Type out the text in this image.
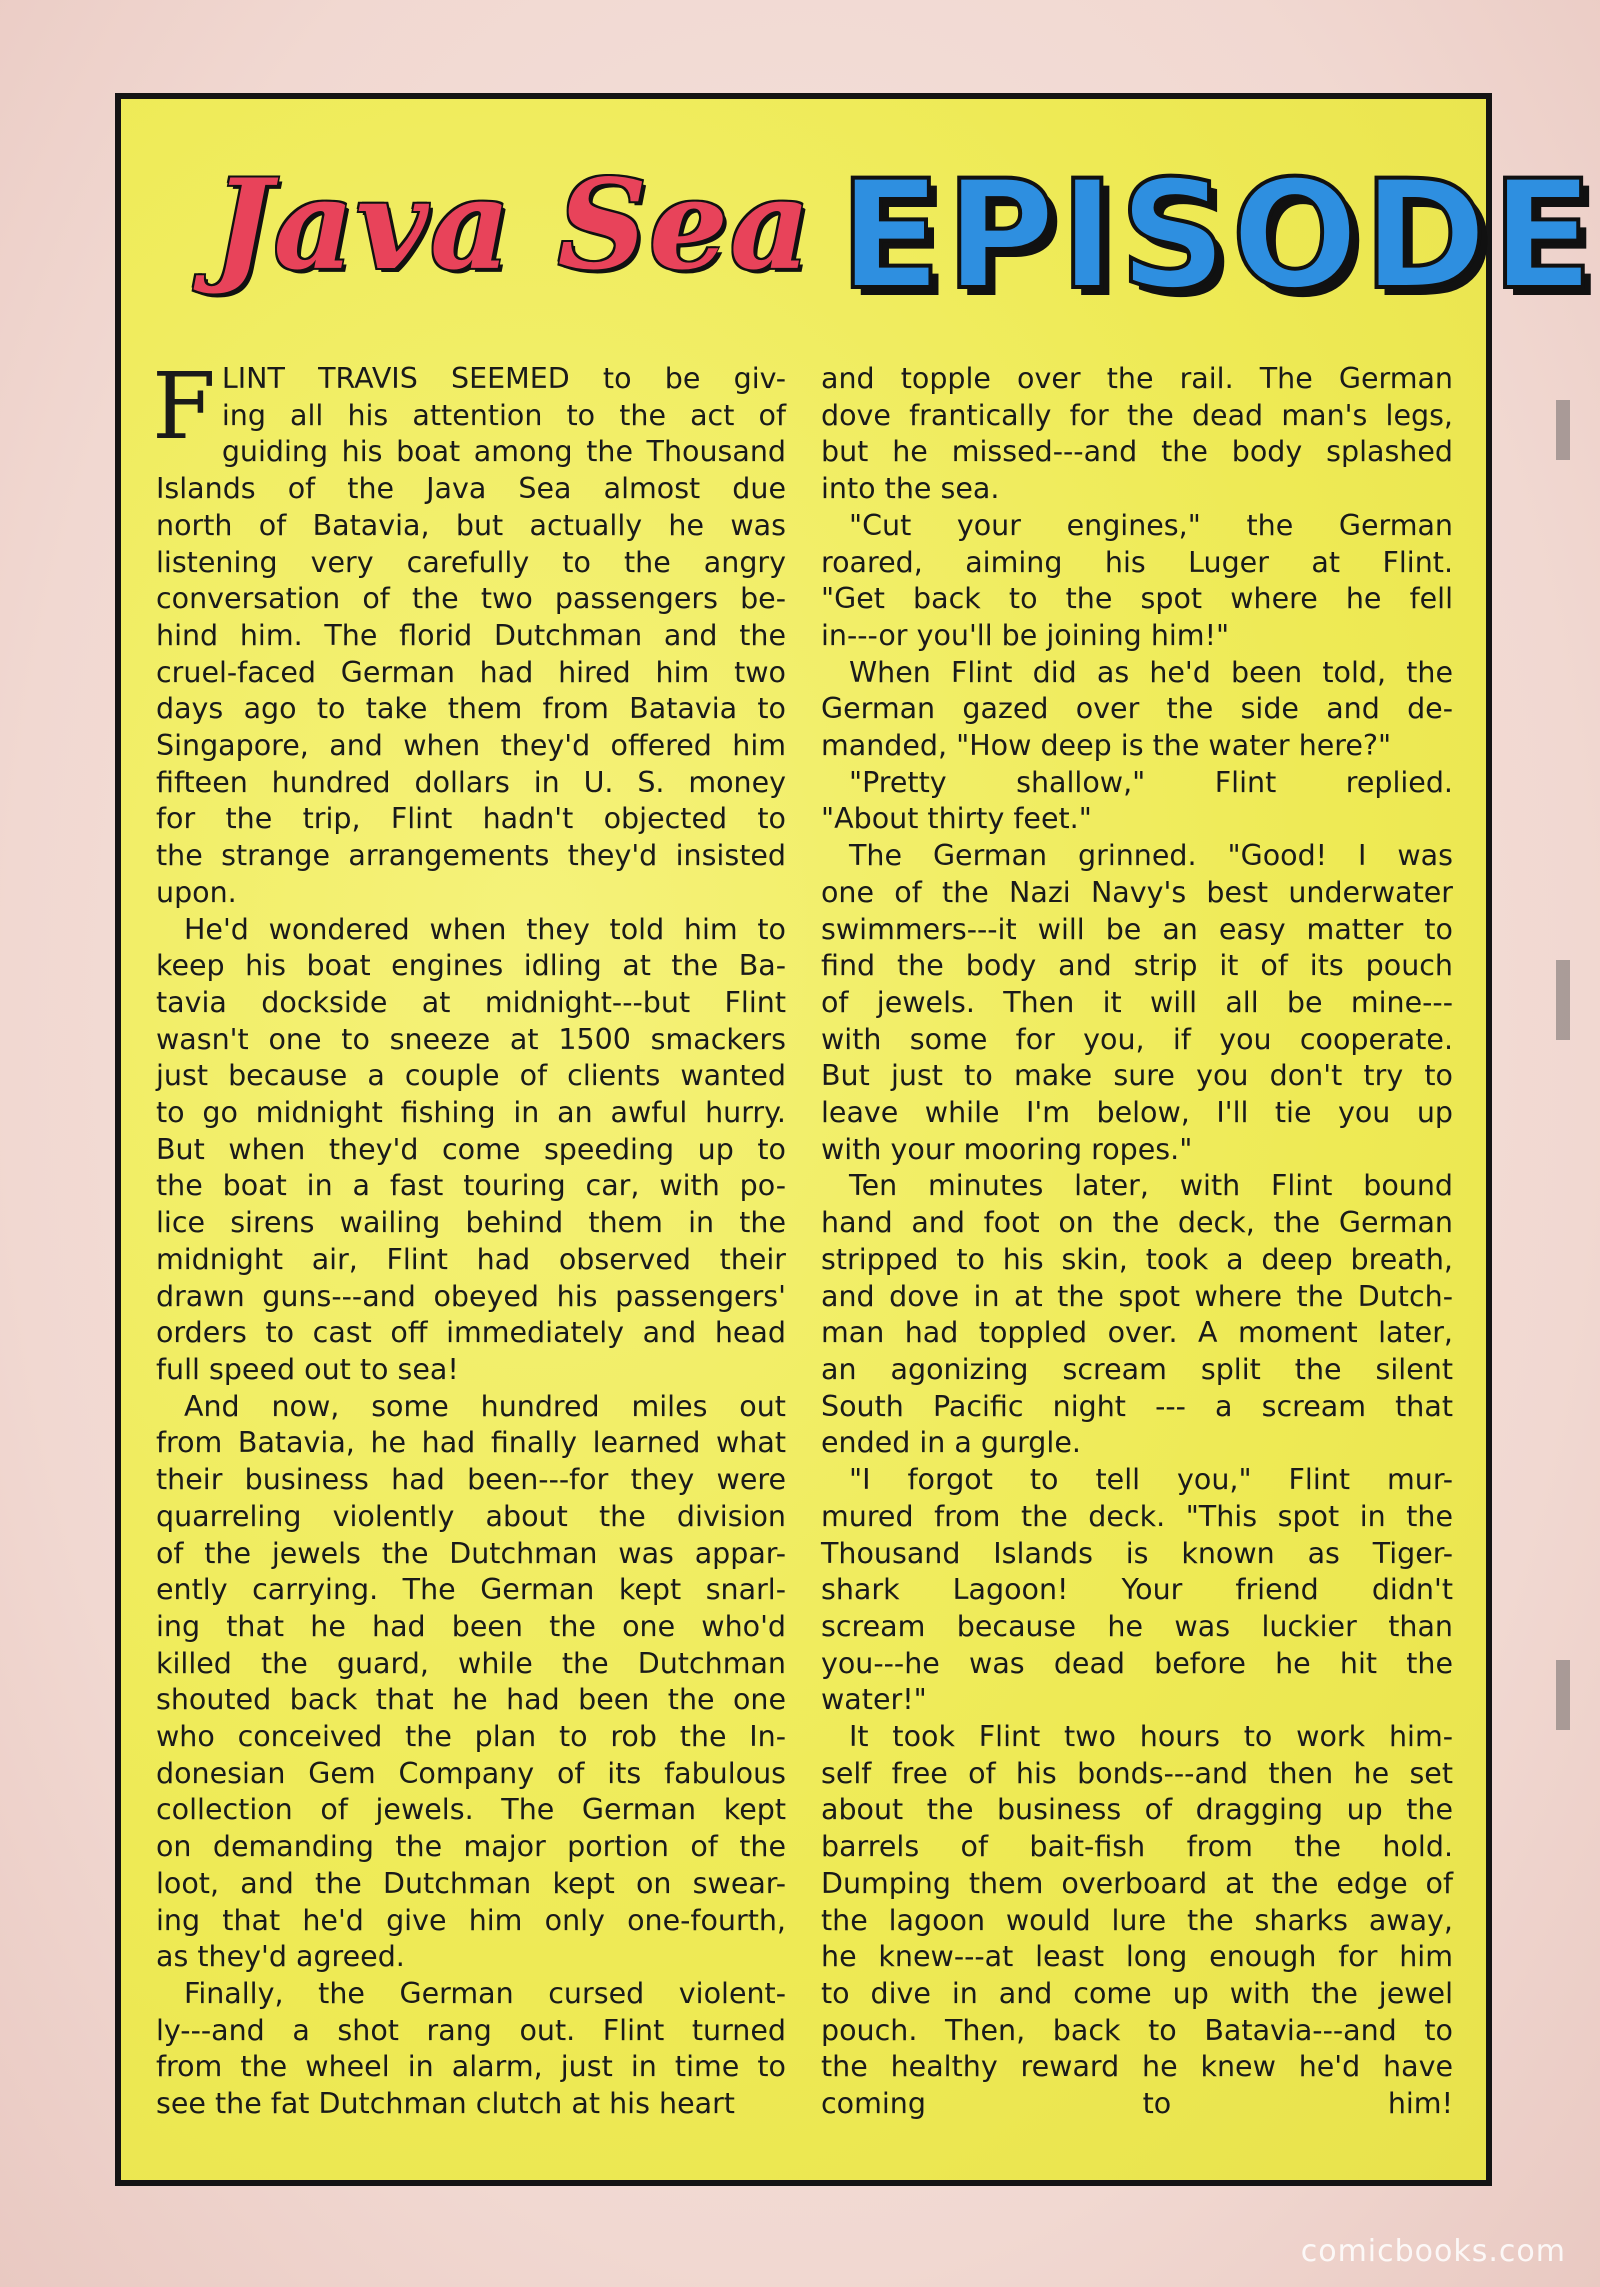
Java Sea EPISODE
F LINT TRAVIS SEEMED to be giv-
ing all his attention to the act of
guiding his boat among the Thousand
Islands of the Java Sea almost due
north of Batavia, but actually he was
listening very carefully to the angry
conversation of the two passengers be-
hind him. The florid Dutchman and the
cruel-faced German had hired him two
days ago to take them from Batavia to
Singapore, and when they'd offered him
fifteen hundred dollars in U. S. money
for the trip, Flint hadn't objected to
the strange arrangements they'd insisted
upon.
He'd wondered when they told him to
keep his boat engines idling at the Ba-
tavia dockside at midnight---but Flint
wasn't one to sneeze at 1500 smackers
just because a couple of clients wanted
to go midnight fishing in an awful hurry.
But when they'd come speeding up to
the boat in a fast touring car, with po-
lice sirens wailing behind them in the
midnight air, Flint had observed their
drawn guns---and obeyed his passengers'
orders to cast off immediately and head
full speed out to sea!
And now, some hundred miles out
from Batavia, he had finally learned what
their business had been---for they were
quarreling violently about the division
of the jewels the Dutchman was appar-
ently carrying. The German kept snarl-
ing that he had been the one who'd
killed the guard, while the Dutchman
shouted back that he had been the one
who conceived the plan to rob the In-
donesian Gem Company of its fabulous
collection of jewels. The German kept
on demanding the major portion of the
loot, and the Dutchman kept on swear-
ing that he'd give him only one-fourth,
as they'd agreed.
Finally, the German cursed violent-
ly---and a shot rang out. Flint turned
from the wheel in alarm, just in time to
see the fat Dutchman clutch at his heart
and topple over the rail. The German
dove frantically for the dead man's legs,
but he missed---and the body splashed
into the sea.
"Cut your engines," the German
roared, aiming his Luger at Flint.
"Get back to the spot where he fell
in---or you'll be joining him!"
When Flint did as he'd been told, the
German gazed over the side and de-
manded, "How deep is the water here?"
"Pretty shallow," Flint replied.
"About thirty feet."
The German grinned. "Good! I was
one of the Nazi Navy's best underwater
swimmers---it will be an easy matter to
find the body and strip it of its pouch
of jewels. Then it will all be mine---
with some for you, if you cooperate.
But just to make sure you don't try to
leave while I'm below, I'll tie you up
with your mooring ropes."
Ten minutes later, with Flint bound
hand and foot on the deck, the German
stripped to his skin, took a deep breath,
and dove in at the spot where the Dutch-
man had toppled over. A moment later,
an agonizing scream split the silent
South Pacific night --- a scream that
ended in a gurgle.
"I forgot to tell you," Flint mur-
mured from the deck. "This spot in the
Thousand Islands is known as Tiger-
shark Lagoon! Your friend didn't
scream because he was luckier than
you---he was dead before he hit the
water!"
It took Flint two hours to work him-
self free of his bonds---and then he set
about the business of dragging up the
barrels of bait-fish from the hold.
Dumping them overboard at the edge of
the lagoon would lure the sharks away,
he knew---at least long enough for him
to dive in and come up with the jewel
pouch. Then, back to Batavia---and to
the healthy reward he knew he'd have
coming to him!
comicbooks.com
